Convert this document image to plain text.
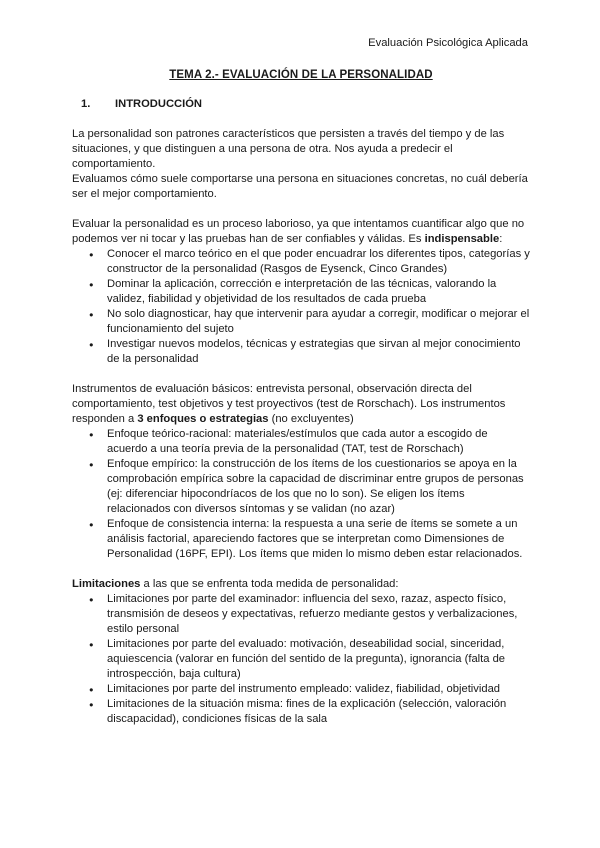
Evaluación Psicológica Aplicada
TEMA 2.- EVALUACIÓN DE LA PERSONALIDAD
1.	INTRODUCCIÓN

La personalidad son patrones característicos que persisten a través del tiempo y de las situaciones, y que distinguen a una persona de otra. Nos ayuda a predecir el comportamiento.

Evaluamos cómo suele comportarse una persona en situaciones concretas, no cuál debería ser el mejor comportamiento.

Evaluar la personalidad es un proceso laborioso, ya que intentamos cuantificar algo que no podemos ver ni tocar y las pruebas han de ser confiables y válidas. Es indispensable:

● Conocer el marco teórico en el que poder encuadrar los diferentes tipos, categorías y constructor de la personalidad (Rasgos de Eysenck, Cinco Grandes)
● Dominar la aplicación, corrección e interpretación de las técnicas, valorando la validez, fiabilidad y objetividad de los resultados de cada prueba
● No solo diagnosticar, hay que intervenir para ayudar a corregir, modificar o mejorar el funcionamiento del sujeto
● Investigar nuevos modelos, técnicas y estrategias que sirvan al mejor conocimiento de la personalidad

Instrumentos de evaluación básicos: entrevista personal, observación directa del comportamiento, test objetivos y test proyectivos (test de Rorschach). Los instrumentos responden a 3 enfoques o estrategias (no excluyentes)

● Enfoque teórico-racional: materiales/estímulos que cada autor a escogido de acuerdo a una teoría previa de la personalidad (TAT, test de Rorschach)
● Enfoque empírico: la construcción de los ítems de los cuestionarios se apoya en la comprobación empírica sobre la capacidad de discriminar entre grupos de personas (ej: diferenciar hipocondríacos de los que no lo son). Se eligen los ítems relacionados con diversos síntomas y se validan (no azar)
● Enfoque de consistencia interna: la respuesta a una serie de ítems se somete a un análisis factorial, apareciendo factores que se interpretan como Dimensiones de Personalidad (16PF, EPI). Los ítems que miden lo mismo deben estar relacionados.

Limitaciones a las que se enfrenta toda medida de personalidad:

● Limitaciones por parte del examinador: influencia del sexo, razaz, aspecto físico, transmisión de deseos y expectativas, refuerzo mediante gestos y verbalizaciones, estilo personal
● Limitaciones por parte del evaluado: motivación, deseabilidad social, sinceridad, aquiescencia (valorar en función del sentido de la pregunta), ignorancia (falta de introspección, baja cultura)
● Limitaciones por parte del instrumento empleado: validez, fiabilidad, objetividad
● Limitaciones de la situación misma: fines de la explicación (selección, valoración discapacidad), condiciones físicas de la sala
